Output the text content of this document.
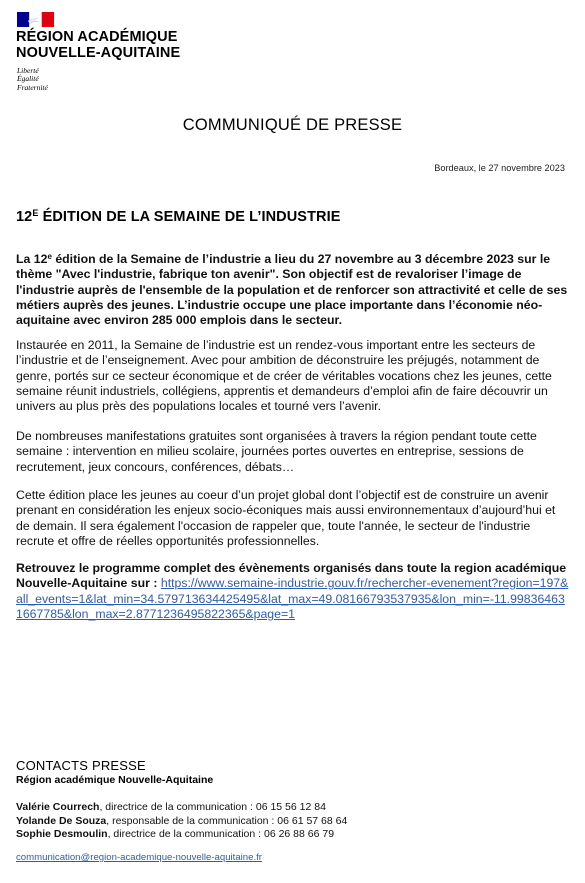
RÉGION ACADÉMIQUE
NOUVELLE-AQUITAINE
Liberté
Égalité
Fraternité
COMMUNIQUÉ DE PRESSE
Bordeaux, le 27 novembre 2023
$12^E$ ÉDITION DE LA SEMAINE DE L’INDUSTRIE
La 12e édition de la Semaine de l’industrie a lieu du 27 novembre au 3 décembre 2023 sur le thème "Avec l'industrie, fabrique ton avenir". Son objectif est de revaloriser l’image de l'industrie auprès de l'ensemble de la population et de renforcer son attractivité et celle de ses métiers auprès des jeunes. L’industrie occupe une place importante dans l’économie néo-aquitaine avec environ 285 000 emplois dans le secteur.
Instaurée en 2011, la Semaine de l’industrie est un rendez-vous important entre les secteurs de l’industrie et de l’enseignement. Avec pour ambition de déconstruire les préjugés, notamment de genre, portés sur ce secteur économique et de créer de véritables vocations chez les jeunes, cette semaine réunit industriels, collégiens, apprentis et demandeurs d’emploi afin de faire découvrir un univers au plus près des populations locales et tourné vers l’avenir.
De nombreuses manifestations gratuites sont organisées à travers la région pendant toute cette semaine : intervention en milieu scolaire, journées portes ouvertes en entreprise, sessions de recrutement, jeux concours, conférences, débats…
Cette édition place les jeunes au coeur d’un projet global dont l’objectif est de construire un avenir prenant en considération les enjeux socio-éconiques mais aussi environnementaux d’aujourd’hui et de demain. Il sera également l'occasion de rappeler que, toute l'année, le secteur de l'industrie recrute et offre de réelles opportunités professionnelles.
Retrouvez le programme complet des évènements organisés dans toute la region académique Nouvelle-Aquitaine sur : https://www.semaine-industrie.gouv.fr/rechercher-evenement?region=197&all_events=1&lat_min=34.579713634425495&lat_max=49.08166793537935&lon_min=-11.998364631667785&lon_max=2.8771236495822365&page=1
CONTACTS PRESSE
Région académique Nouvelle-Aquitaine
Valérie Courrech, directrice de la communication : 06 15 56 12 84
Yolande De Souza, responsable de la communication : 06 61 57 68 64
Sophie Desmoulin, directrice de la communication : 06 26 88 66 79
communication@region-academique-nouvelle-aquitaine.fr
